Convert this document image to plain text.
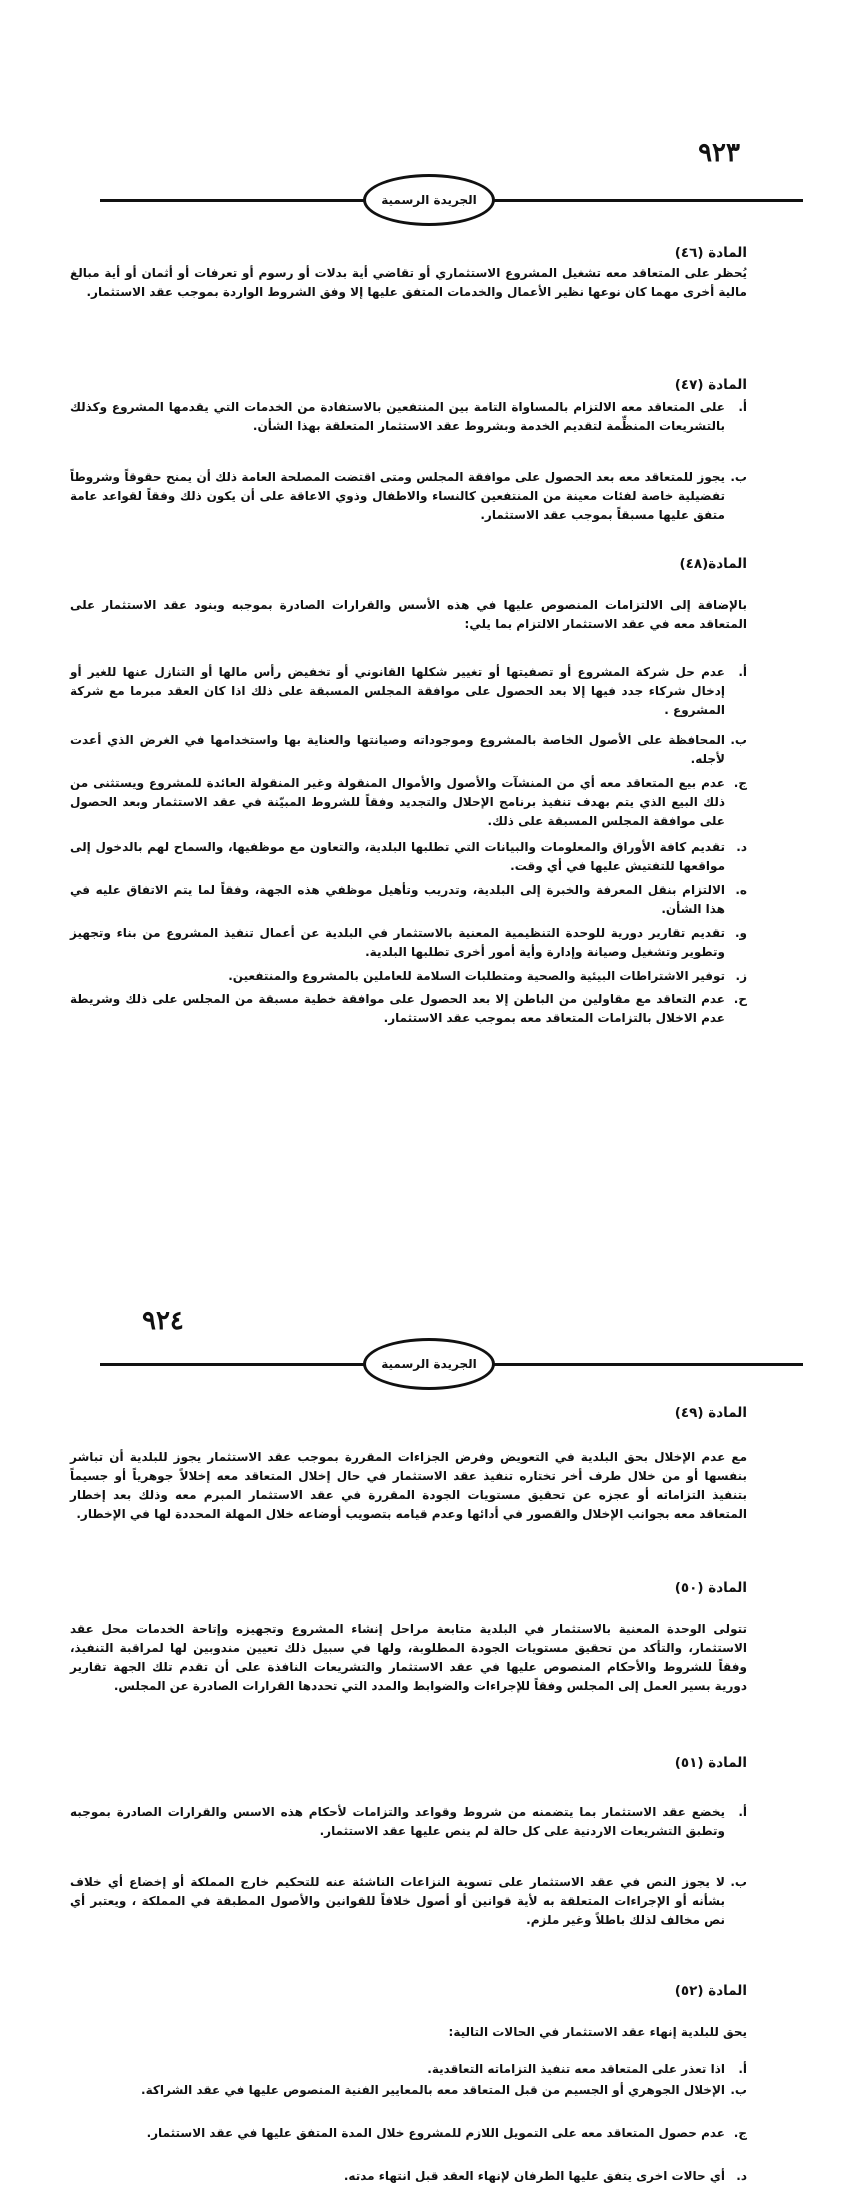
٩٢٣
الجريدة الرسمية
المادة (٤٦)
يُحظر على المتعاقد معه تشغيل المشروع الاستثماري أو تقاضي أية بدلات أو رسوم أو تعرفات أو أثمان أو أية مبالغ مالية أخرى مهما كان نوعها نظير الأعمال والخدمات المتفق عليها إلا وفق الشروط الواردة بموجب عقد الاستثمار.
المادة (٤٧)
أ.
على المتعاقد معه الالتزام بالمساواة التامة بين المنتفعين بالاستفادة من الخدمات التي يقدمها المشروع وكذلك بالتشريعات المنظِّمة لتقديم الخدمة وبشروط عقد الاستثمار المتعلقة بهذا الشأن.
ب.
يجوز للمتعاقد معه بعد الحصول على موافقة المجلس ومتى اقتضت المصلحة العامة ذلك أن يمنح حقوقاً وشروطاً تفضيلية خاصة لفئات معينة من المنتفعين كالنساء والاطفال وذوي الاعاقة على أن يكون ذلك وفقاً لقواعد عامة متفق عليها مسبقاً بموجب عقد الاستثمار.
المادة(٤٨)
بالإضافة إلى الالتزامات المنصوص عليها في هذه الأسس والقرارات الصادرة بموجبه وبنود عقد الاستثمار على المتعاقد معه في عقد الاستثمار الالتزام بما يلي:
أ.
عدم حل شركة المشروع أو تصفيتها أو تغيير شكلها القانوني أو تخفيض رأس مالها أو التنازل عنها للغير أو إدخال شركاء جدد فيها إلا بعد الحصول على موافقة المجلس المسبقة على ذلك اذا كان العقد مبرما مع شركة المشروع .
ب.
المحافظة على الأصول الخاصة بالمشروع وموجوداته وصيانتها والعناية بها واستخدامها في الغرض الذي أعدت لأجله.
ج.
عدم بيع المتعاقد معه أي من المنشآت والأصول والأموال المنقولة وغير المنقولة العائدة للمشروع ويستثنى من ذلك البيع الذي يتم بهدف تنفيذ برنامج الإحلال والتجديد وفقاً للشروط المبيّنة في عقد الاستثمار وبعد الحصول على موافقة المجلس المسبقة على ذلك.
د.
تقديم كافة الأوراق والمعلومات والبيانات التي تطلبها البلدية، والتعاون مع موظفيها، والسماح لهم بالدخول إلى مواقعها للتفتيش عليها في أي وقت.
ه.
الالتزام بنقل المعرفة والخبرة إلى البلدية، وتدريب وتأهيل موظفي هذه الجهة، وفقاً لما يتم الاتفاق عليه في هذا الشأن.
و.
تقديم تقارير دورية للوحدة التنظيمية المعنية بالاستثمار في البلدية عن أعمال تنفيذ المشروع من بناء وتجهيز وتطوير وتشغيل وصيانة وإدارة وأية أمور أخرى تطلبها البلدية.
ز.
توفير الاشتراطات البيئية والصحية ومتطلبات السلامة للعاملين بالمشروع والمنتفعين.
ح.
عدم التعاقد مع مقاولين من الباطن إلا بعد الحصول على موافقة خطية مسبقة من المجلس على ذلك وشريطة عدم الاخلال بالتزامات المتعاقد معه بموجب عقد الاستثمار.
٩٢٤
الجريدة الرسمية
المادة (٤٩)
مع عدم الإخلال بحق البلدية في التعويض وفرض الجزاءات المقررة بموجب عقد الاستثمار يجوز للبلدية أن تباشر بنفسها أو من خلال طرف أخر تختاره تنفيذ عقد الاستثمار في حال إخلال المتعاقد معه إخلالاً جوهرياً أو جسيماً بتنفيذ التزاماته أو عجزه عن تحقيق مستويات الجودة المقررة في عقد الاستثمار المبرم معه وذلك بعد إخطار المتعاقد معه بجوانب الإخلال والقصور في أدائها وعدم قيامه بتصويب أوضاعه خلال المهلة المحددة لها في الإخطار.
المادة (٥٠)
تتولى الوحدة المعنية بالاستثمار في البلدية متابعة مراحل إنشاء المشروع وتجهيزه وإتاحة الخدمات محل عقد الاستثمار، والتأكد من تحقيق مستويات الجودة المطلوبة، ولها في سبيل ذلك تعيين مندوبين لها لمراقبة التنفيذ، وفقاً للشروط والأحكام المنصوص عليها في عقد الاستثمار والتشريعات النافذة على أن تقدم تلك الجهة تقارير دورية بسير العمل إلى المجلس وفقاً للإجراءات والضوابط والمدد التي تحددها القرارات الصادرة عن المجلس.
المادة (٥١)
أ.
يخضع عقد الاستثمار بما يتضمنه من شروط وقواعد والتزامات لأحكام هذه الاسس والقرارات الصادرة بموجبه وتطبق التشريعات الاردنية على كل حالة لم ينص عليها عقد الاستثمار.
ب.
لا يجوز النص في عقد الاستثمار على تسوية النزاعات الناشئة عنه للتحكيم خارج المملكة أو إخضاع أي خلاف بشأنه أو الإجراءات المتعلقة به لأية قوانين أو أصول خلافاً للقوانين والأصول المطبقة في المملكة ، ويعتبر أي نص مخالف لذلك باطلاً وغير ملزم.
المادة (٥٢)
يحق للبلدية إنهاء عقد الاستثمار في الحالات التالية:
أ.
اذا تعذر على المتعاقد معه تنفيذ التزاماته التعاقدية.
ب.
الإخلال الجوهري أو الجسيم من قبل المتعاقد معه بالمعايير الفنية المنصوص عليها في عقد الشراكة.
ج.
عدم حصول المتعاقد معه على التمويل اللازم للمشروع خلال المدة المتفق عليها في عقد الاستثمار.
د.
أي حالات اخرى يتفق عليها الطرفان لإنهاء العقد قبل انتهاء مدته.
